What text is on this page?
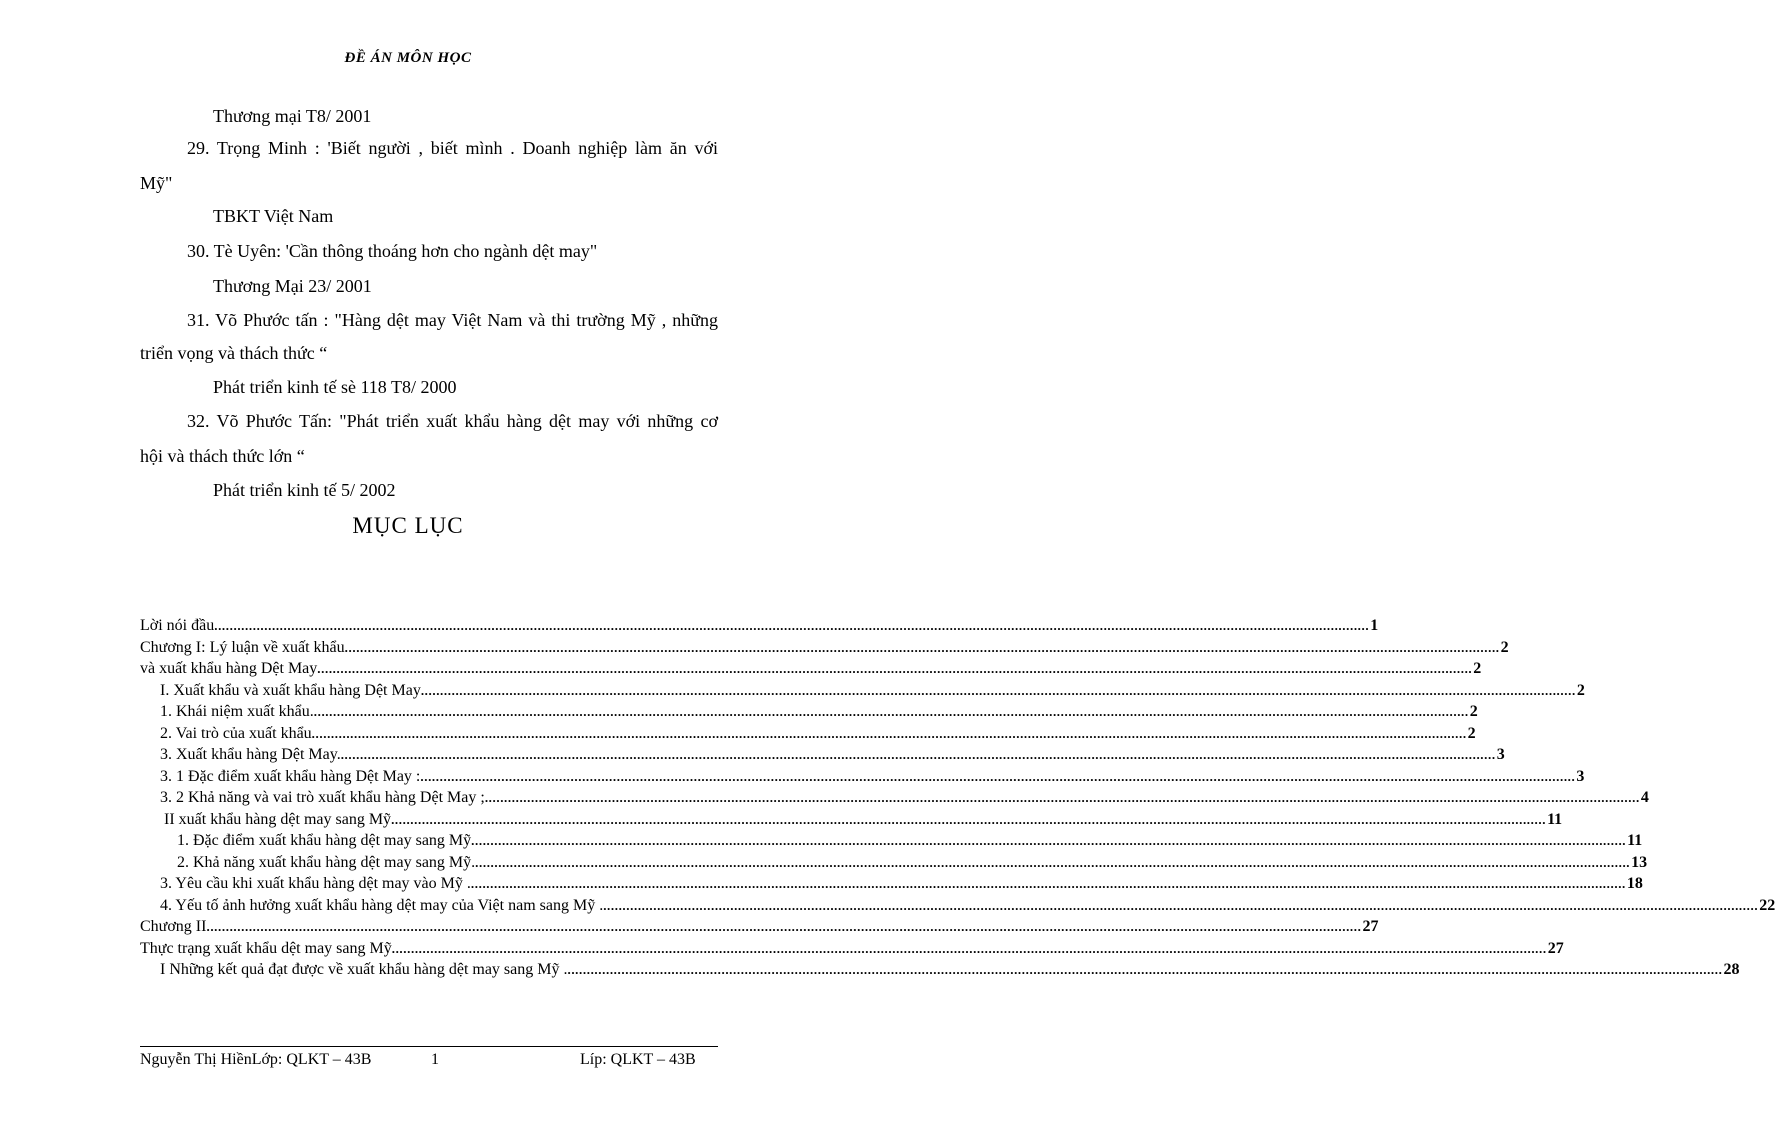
ĐỀ ÁN MÔN HỌC
Thương mại T8/ 2001
29. Trọng Minh : 'Biết người , biết mình . Doanh nghiệp làm ăn với
Mỹ"
TBKT Việt Nam
30. Tè Uyên: 'Cần thông thoáng hơn cho ngành dệt may"
Thương Mại 23/ 2001
31. Võ Phước tấn : "Hàng dệt may Việt Nam và thi trường Mỹ , những
triển vọng và thách thức “
Phát triển kinh tế sè 118 T8/ 2000
32. Võ Phước Tấn: "Phát triển xuất khẩu hàng dệt may với những cơ
hội và thách thức lớn “
Phát triển kinh tế 5/ 2002
MỤC LỤC
Lời nói đầu ............................................................................................................................................................................................................................................................................................................ 1
Chương I: Lý luận về xuất khẩu ............................................................................................................................................................................................................................................................................................................ 2
và xuất khẩu hàng Dệt May ............................................................................................................................................................................................................................................................................................................ 2
I. Xuất khẩu và xuất khẩu hàng Dệt May ............................................................................................................................................................................................................................................................................................................ 2
1. Khái niệm xuất khẩu. ............................................................................................................................................................................................................................................................................................................ 2
2. Vai trò của xuất khẩu ............................................................................................................................................................................................................................................................................................................ 2
3. Xuất khẩu hàng Dệt May. ............................................................................................................................................................................................................................................................................................................ 3
3. 1 Đặc điểm xuất khẩu hàng Dệt May : ............................................................................................................................................................................................................................................................................................................ 3
3. 2 Khả năng và vai trò xuất khẩu hàng Dệt May ; ............................................................................................................................................................................................................................................................................................................ 4
II xuất khẩu hàng dệt may sang Mỹ ............................................................................................................................................................................................................................................................................................................ 11
1. Đặc điểm xuất khẩu hàng dệt may sang Mỹ ............................................................................................................................................................................................................................................................................................................ 11
2. Khả năng xuất khẩu hàng dệt may sang Mỹ. ............................................................................................................................................................................................................................................................................................................ 13
3. Yêu cầu khi xuất khẩu hàng dệt may vào Mỹ . ............................................................................................................................................................................................................................................................................................................ 18
4. Yếu tố ảnh hưởng xuất khẩu hàng dệt may của Việt nam sang Mỹ . ............................................................................................................................................................................................................................................................................................................ 22
Chương II ............................................................................................................................................................................................................................................................................................................ 27
Thực trạng xuất khẩu dệt may sang Mỹ ............................................................................................................................................................................................................................................................................................................ 27
I Những kết quả đạt được về xuất khẩu hàng dệt may sang Mỹ . ............................................................................................................................................................................................................................................................................................................ 28
Nguyễn Thị HiềnLớp: QLKT – 43B	1	Líp: QLKT – 43B
